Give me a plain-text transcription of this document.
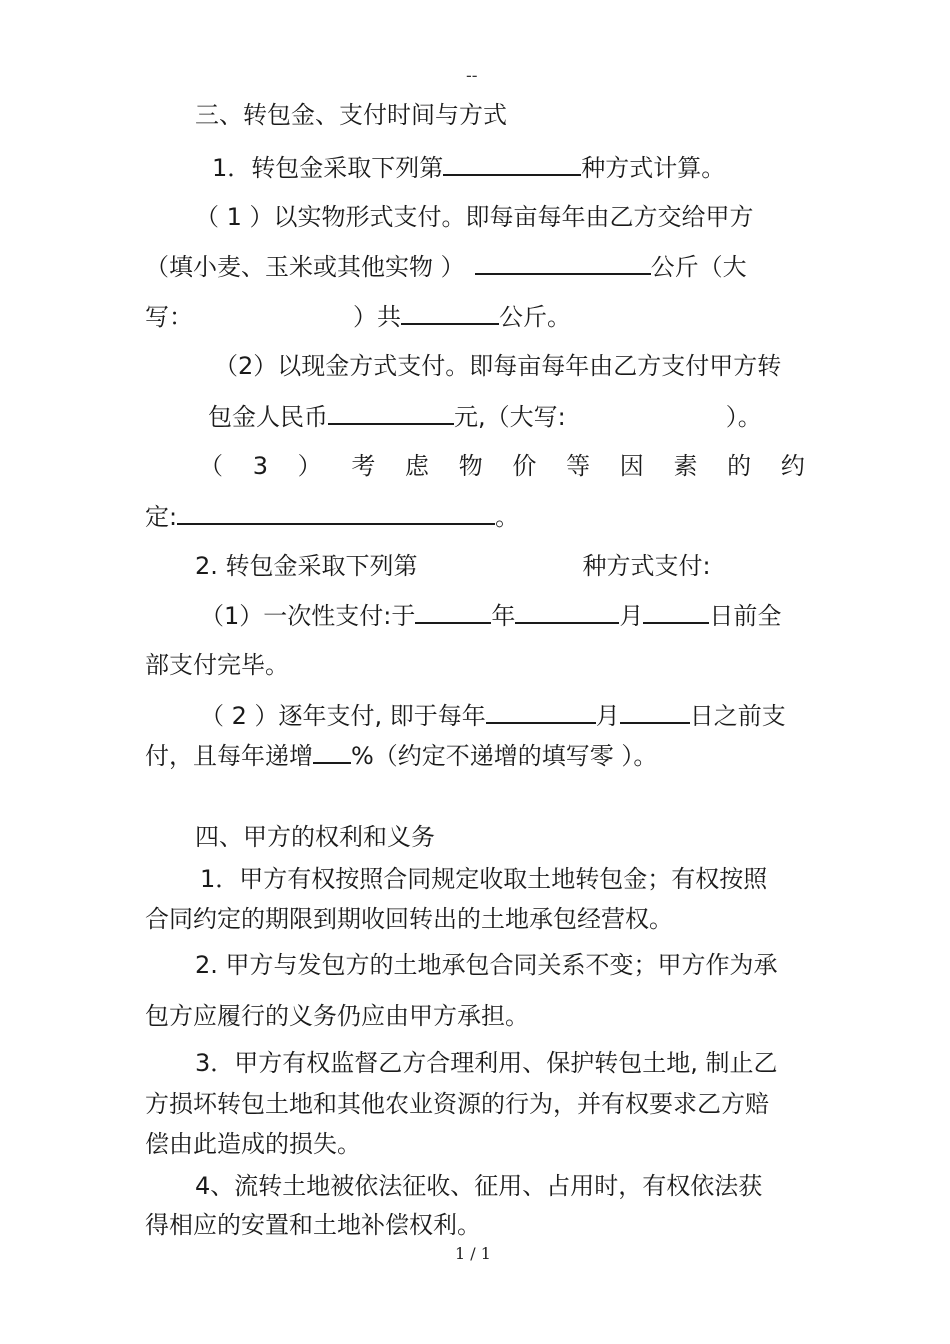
--
三、转包金、支付时间与方式
1．转包金采取下列第	种方式计算。
（ 1 ）以实物形式支付。即每亩每年由乙方交给甲方
（填小麦、玉米或其他实物 ）	公斤（大
写：	）共	公斤。
（2）以现金方式支付。即每亩每年由乙方支付甲方转
包金人民币	元,（大写:	）。
（ 3 ） 考 虑 物 价 等 因 素 的 约
定:	。
2. 转包金采取下列第	种方式支付:
（1）一次性支付:于	年	月	日前全
部支付完毕。
（ 2 ）逐年支付, 即于每年	月	日之前支
付，且每年递增 %（约定不递增的填写零 ）。
四、甲方的权利和义务
1．甲方有权按照合同规定收取土地转包金；有权按照
合同约定的期限到期收回转出的土地承包经营权。
2. 甲方与发包方的土地承包合同关系不变；甲方作为承
包方应履行的义务仍应由甲方承担。
3．甲方有权监督乙方合理利用、保护转包土地, 制止乙
方损坏转包土地和其他农业资源的行为，并有权要求乙方赔
偿由此造成的损失。
4、流转土地被依法征收、征用、占用时，有权依法获
得相应的安置和土地补偿权利。
1 / 1
